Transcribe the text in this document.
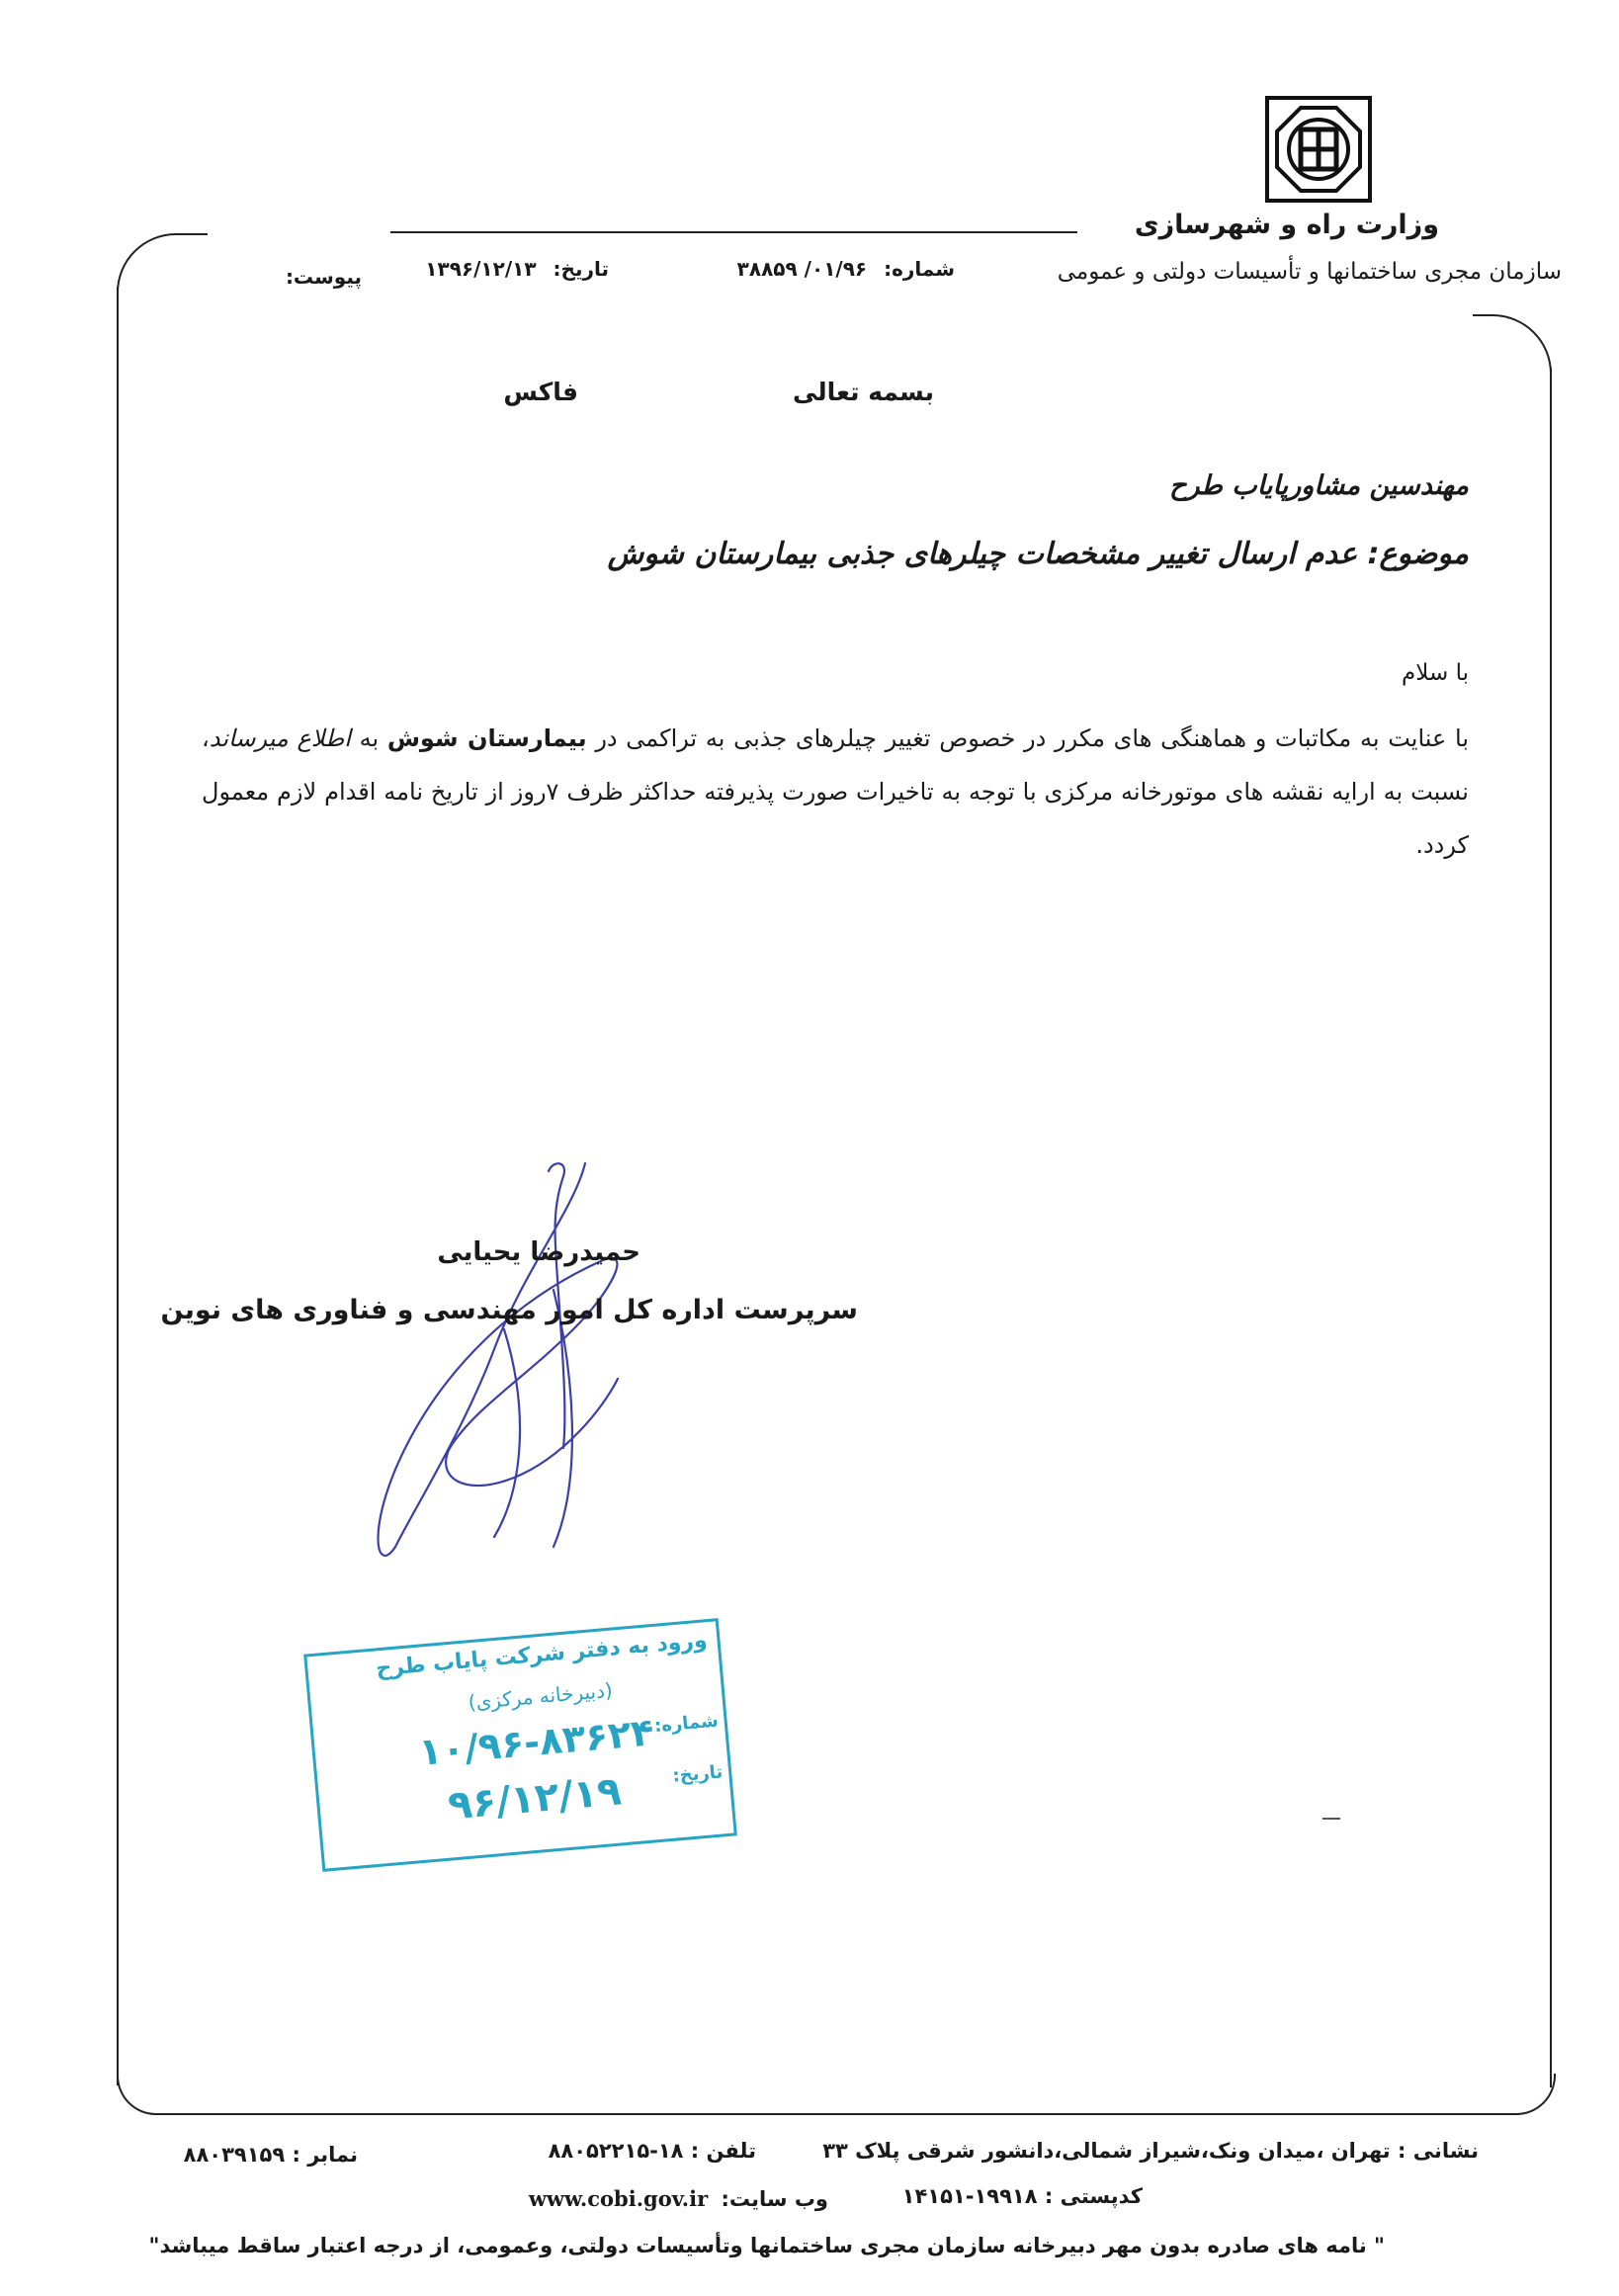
وزارت راه و شهرسازی
سازمان مجری ساختمانها و تأسیسات دولتی و عمومی
شماره: ۰۱/۹۶/ ۳۸۸۵۹
تاریخ: ۱۳۹۶/۱۲/۱۳
پیوست:
بسمه تعالی
فاکس
مهندسین مشاورپایاب طرح
موضوع: عدم ارسال تغییر مشخصات چیلرهای جذبی بیمارستان شوش
با سلام
با عنایت به مکاتبات و هماهنگی های مکرر در خصوص تغییر چیلرهای جذبی به تراکمی در بیمارستان شوش به اطلاع میرساند، نسبت به ارایه نقشه های موتورخانه مرکزی با توجه به تاخیرات صورت پذیرفته حداکثر ظرف ۷روز از تاریخ نامه اقدام لازم معمول کردد.
حمیدرضا یحیایی
سرپرست اداره کل امور مهندسی و فناوری های نوین
ورود به دفتر شرکت پایاب طرح
(دبیرخانه مرکزی)
شماره:
۱۰/۹۶-۸۳۶۲۴
تاریخ:
۹۶/۱۲/۱۹
نشانی : تهران ،میدان ونک،شیراز شمالی،دانشور شرقی پلاک ۳۳
تلفن : ۱۸-۸۸۰۵۲۲۱۵
نمابر : ۸۸۰۳۹۱۵۹
کدپستی : ۱۹۹۱۸-۱۴۱۵۱
وب سایت: www.cobi.gov.ir
" نامه های صادره بدون مهر دبیرخانه سازمان مجری ساختمانها وتأسیسات دولتی، وعمومی، از درجه اعتبار ساقط میباشد"
